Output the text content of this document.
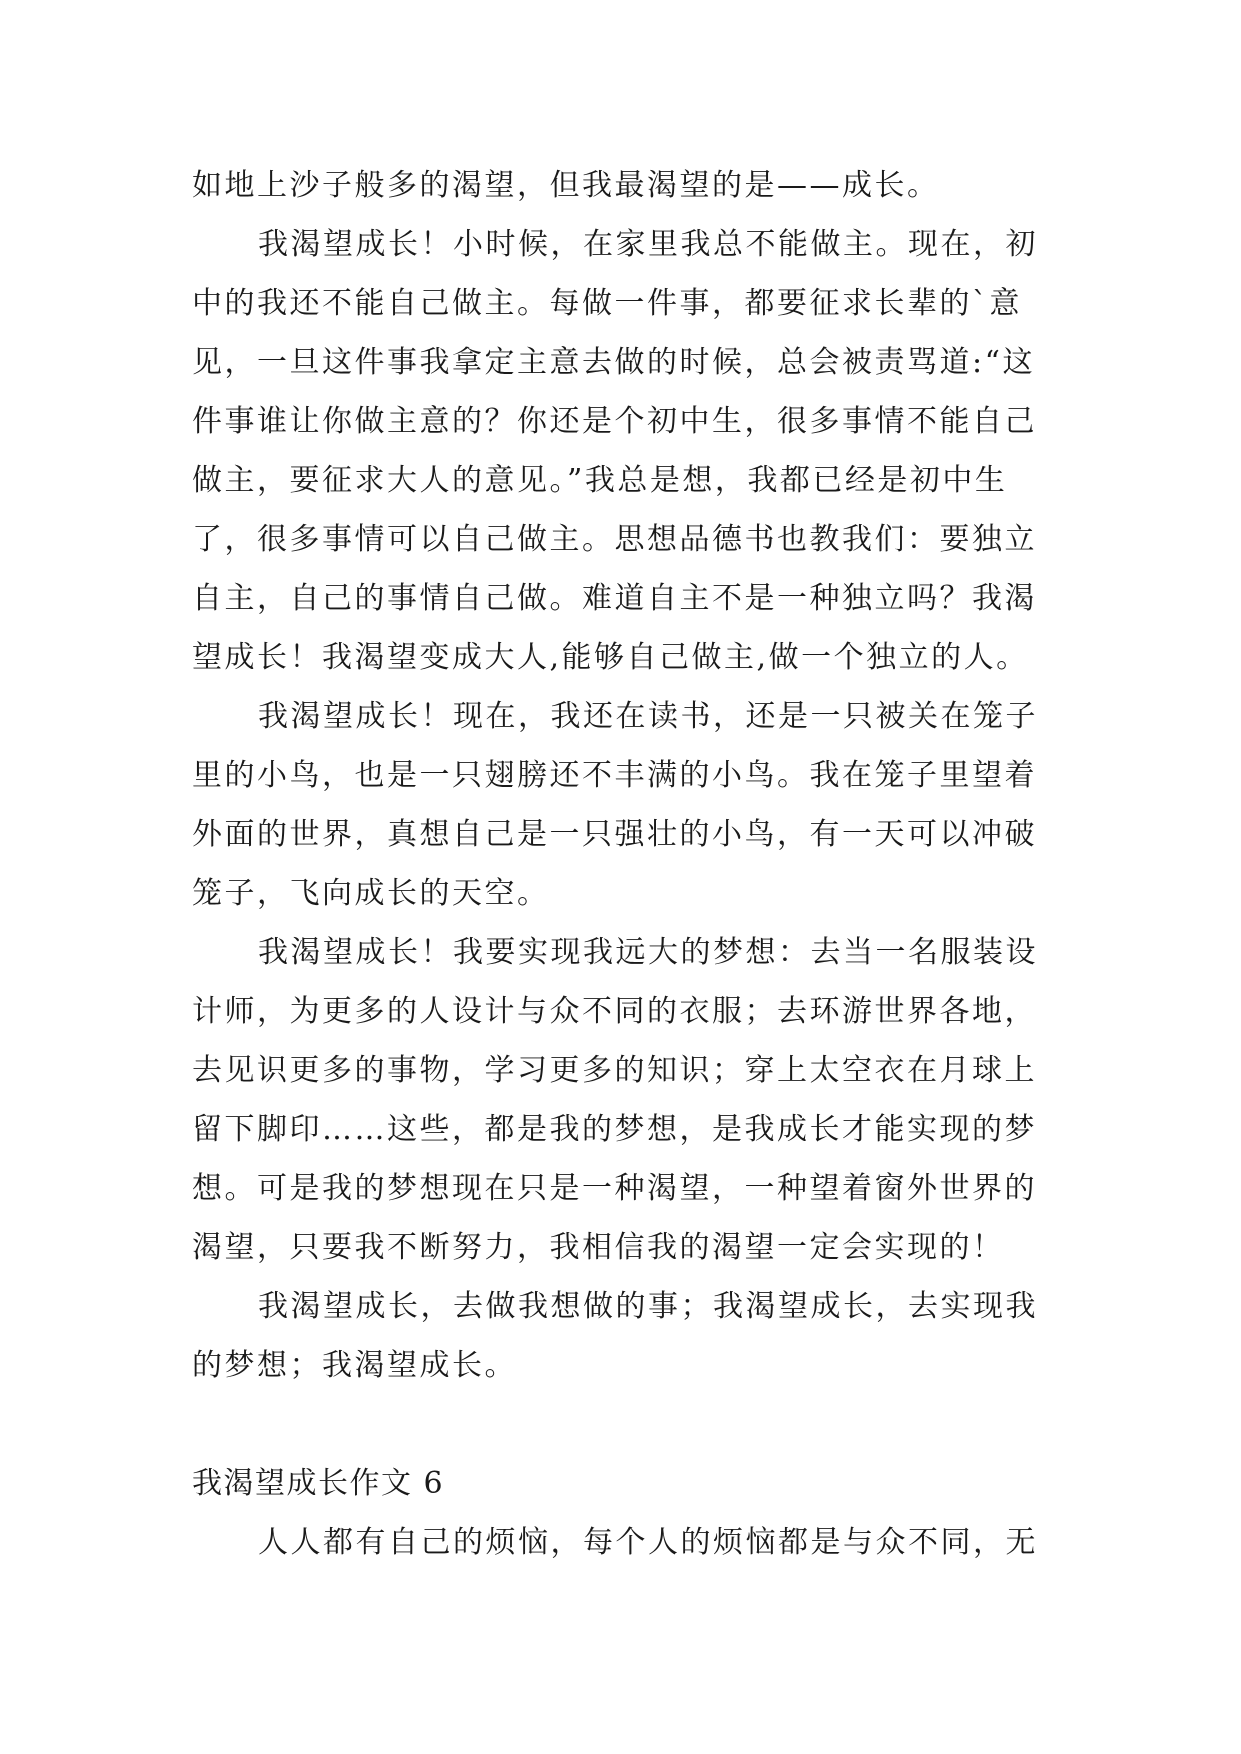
如地上沙子般多的渴望，但我最渴望的是——成长。
我渴望成长！小时候，在家里我总不能做主。现在，初
中的我还不能自己做主。每做一件事，都要征求长辈的`意
见，一旦这件事我拿定主意去做的时候，总会被责骂道:“这
件事谁让你做主意的？你还是个初中生，很多事情不能自己
做主，要征求大人的意见。”我总是想，我都已经是初中生
了，很多事情可以自己做主。思想品德书也教我们：要独立
自主，自己的事情自己做。难道自主不是一种独立吗？我渴
望成长！我渴望变成大人,能够自己做主,做一个独立的人。
我渴望成长！现在，我还在读书，还是一只被关在笼子
里的小鸟，也是一只翅膀还不丰满的小鸟。我在笼子里望着
外面的世界，真想自己是一只强壮的小鸟，有一天可以冲破
笼子，飞向成长的天空。
我渴望成长！我要实现我远大的梦想：去当一名服装设
计师，为更多的人设计与众不同的衣服；去环游世界各地，
去见识更多的事物，学习更多的知识；穿上太空衣在月球上
留下脚印……这些，都是我的梦想，是我成长才能实现的梦
想。可是我的梦想现在只是一种渴望，一种望着窗外世界的
渴望，只要我不断努力，我相信我的渴望一定会实现的！
我渴望成长，去做我想做的事；我渴望成长，去实现我
的梦想；我渴望成长。
我渴望成长作文 6
人人都有自己的烦恼，每个人的烦恼都是与众不同，无
